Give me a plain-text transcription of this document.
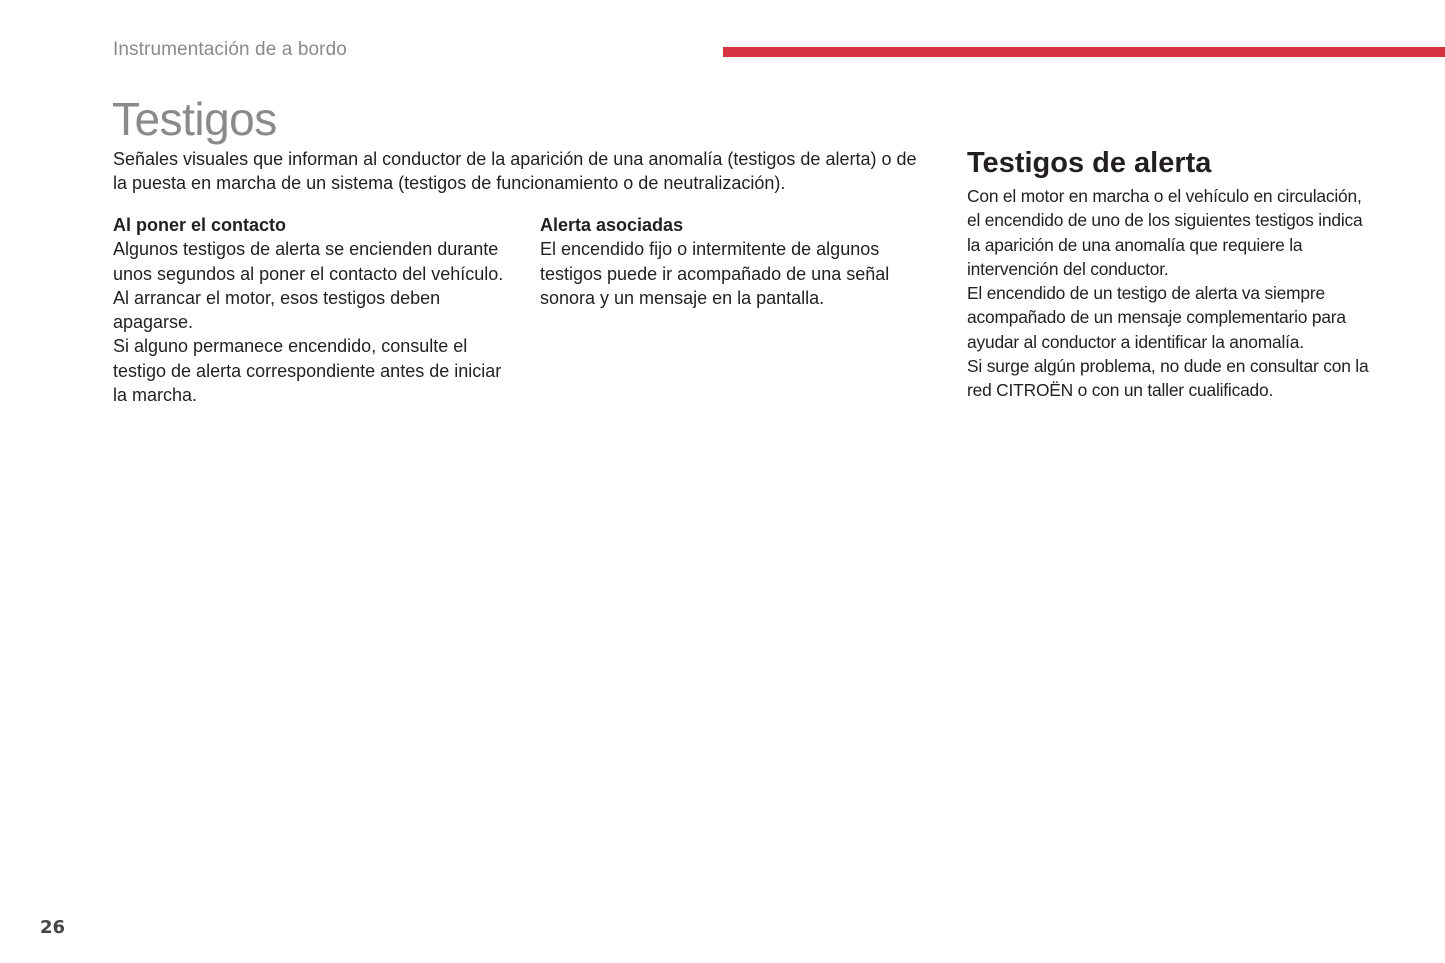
Instrumentación de a bordo
Testigos
Señales visuales que informan al conductor de la aparición de una anomalía (testigos de alerta) o de la puesta en marcha de un sistema (testigos de funcionamiento o de neutralización).
Al poner el contacto

Algunos testigos de alerta se encienden durante unos segundos al poner el contacto del vehículo.

Al arrancar el motor, esos testigos deben apagarse.

Si alguno permanece encendido, consulte el testigo de alerta correspondiente antes de iniciar la marcha.

Alerta asociadas

El encendido fijo o intermitente de algunos testigos puede ir acompañado de una señal sonora y un mensaje en la pantalla.

Testigos de alerta

Con el motor en marcha o el vehículo en circulación, el encendido de uno de los siguientes testigos indica la aparición de una anomalía que requiere la intervención del conductor.

El encendido de un testigo de alerta va siempre acompañado de un mensaje complementario para ayudar al conductor a identificar la anomalía.

Si surge algún problema, no dude en consultar con la red CITROËN o con un taller cualificado.

26
